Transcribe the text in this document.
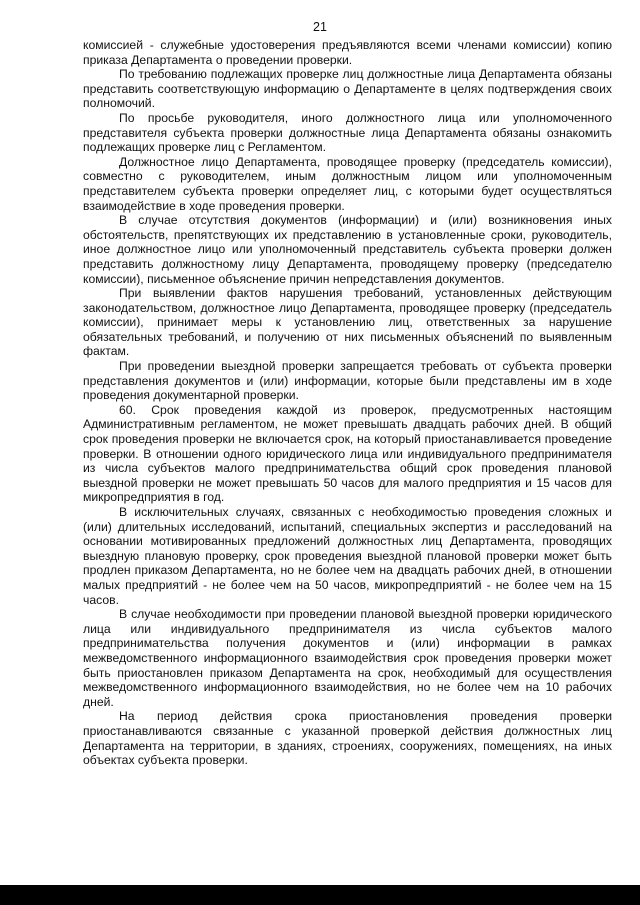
21

комиссией - служебные удостоверения предъявляются всеми членами комиссии) копию приказа Департамента о проведении проверки.

По требованию подлежащих проверке лиц должностные лица Департамента обязаны представить соответствующую информацию о Департаменте в целях подтверждения своих полномочий.

По просьбе руководителя, иного должностного лица или уполномоченного представителя субъекта проверки должностные лица Департамента обязаны ознакомить подлежащих проверке лиц с Регламентом.

Должностное лицо Департамента, проводящее проверку (председатель комиссии), совместно с руководителем, иным должностным лицом или уполномоченным представителем субъекта проверки определяет лиц, с которыми будет осуществляться взаимодействие в ходе проведения проверки.

В случае отсутствия документов (информации) и (или) возникновения иных обстоятельств, препятствующих их представлению в установленные сроки, руководитель, иное должностное лицо или уполномоченный представитель субъекта проверки должен представить должностному лицу Департамента, проводящему проверку (председателю комиссии), письменное объяснение причин непредставления документов.

При выявлении фактов нарушения требований, установленных действующим законодательством, должностное лицо Департамента, проводящее проверку (председатель комиссии), принимает меры к установлению лиц, ответственных за нарушение обязательных требований, и получению от них письменных объяснений по выявленным фактам.

При проведении выездной проверки запрещается требовать от субъекта проверки представления документов и (или) информации, которые были представлены им в ходе проведения документарной проверки.

60. Срок проведения каждой из проверок, предусмотренных настоящим Административным регламентом, не может превышать двадцать рабочих дней. В общий срок проведения проверки не включается срок, на который приостанавливается проведение проверки. В отношении одного юридического лица или индивидуального предпринимателя из числа субъектов малого предпринимательства общий срок проведения плановой выездной проверки не может превышать 50 часов для малого предприятия и 15 часов для микропредприятия в год.

В исключительных случаях, связанных с необходимостью проведения сложных и (или) длительных исследований, испытаний, специальных экспертиз и расследований на основании мотивированных предложений должностных лиц Департамента, проводящих выездную плановую проверку, срок проведения выездной плановой проверки может быть продлен приказом Департамента, но не более чем на двадцать рабочих дней, в отношении малых предприятий - не более чем на 50 часов, микропредприятий - не более чем на 15 часов.

В случае необходимости при проведении плановой выездной проверки юридического лица или индивидуального предпринимателя из числа субъектов малого предпринимательства получения документов и (или) информации в рамках межведомственного информационного взаимодействия срок проведения проверки может быть приостановлен приказом Департамента на срок, необходимый для осуществления межведомственного информационного взаимодействия, но не более чем на 10 рабочих дней.

На период действия срока приостановления проведения проверки приостанавливаются связанные с указанной проверкой действия должностных лиц Департамента на территории, в зданиях, строениях, сооружениях, помещениях, на иных объектах субъекта проверки.
